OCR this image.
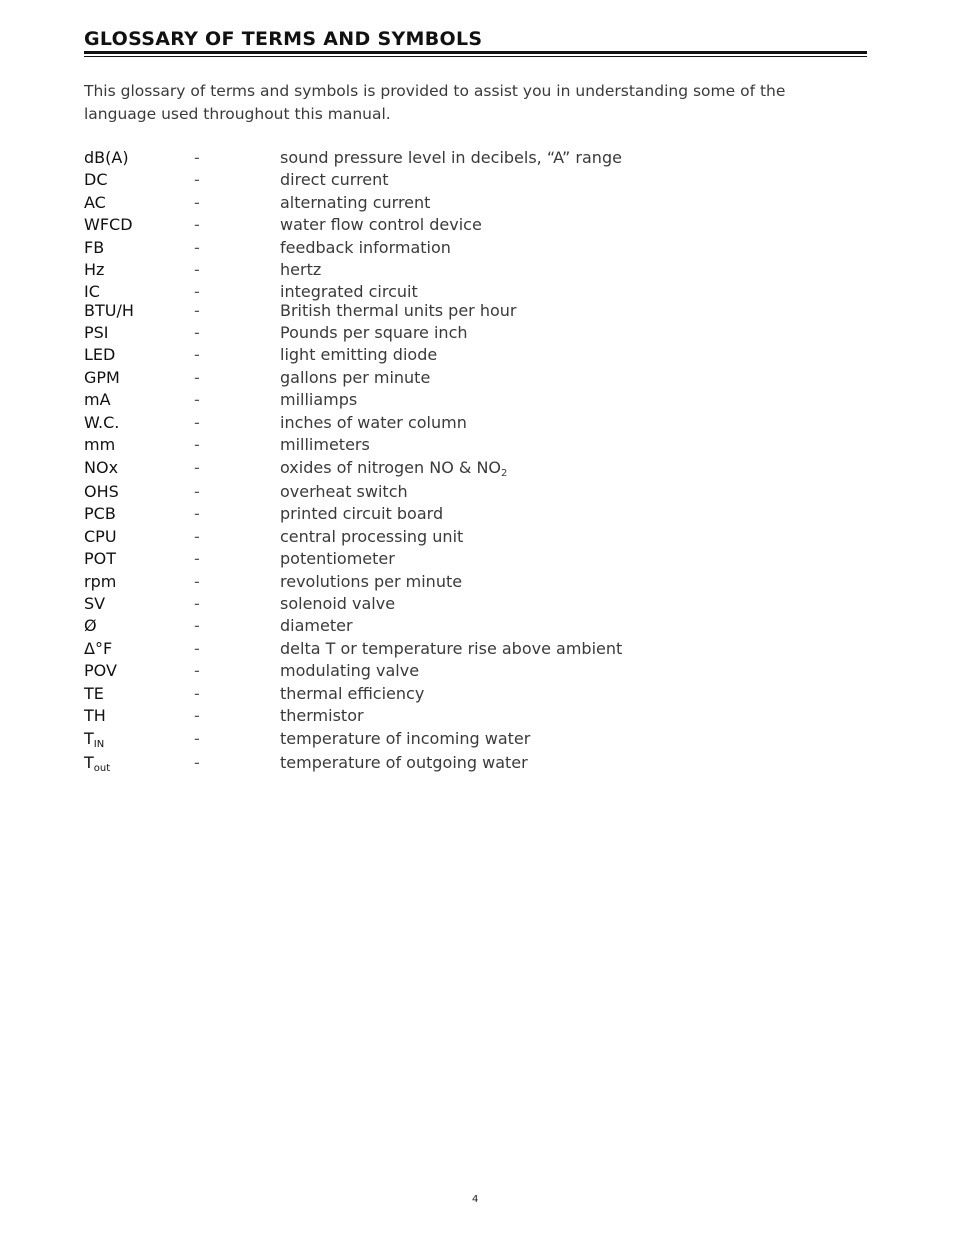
GLOSSARY OF TERMS AND SYMBOLS

This glossary of terms and symbols is provided to assist you in understanding some of the language used throughout this manual.

dB(A)	-	sound pressure level in decibels, “A” range
DC	-	direct current
AC	-	alternating current
WFCD	-	water flow control device
FB	-	feedback information
Hz	-	hertz
IC	-	integrated circuit
BTU/H	-	British thermal units per hour
PSI	-	Pounds per square inch
LED	-	light emitting diode
GPM	-	gallons per minute
mA	-	milliamps
W.C.	-	inches of water column
mm	-	millimeters
NOx	-	oxides of nitrogen NO & $NO_2$
OHS	-	overheat switch
PCB	-	printed circuit board
CPU	-	central processing unit
POT	-	potentiometer
rpm	-	revolutions per minute
SV	-	solenoid valve
Ø	-	diameter
Δ°F	-	delta T or temperature rise above ambient
POV	-	modulating valve
TE	-	thermal efficiency
TH	-	thermistor
$T_{IN}$	-	temperature of incoming water
$T_{out}$	-	temperature of outgoing water
4
